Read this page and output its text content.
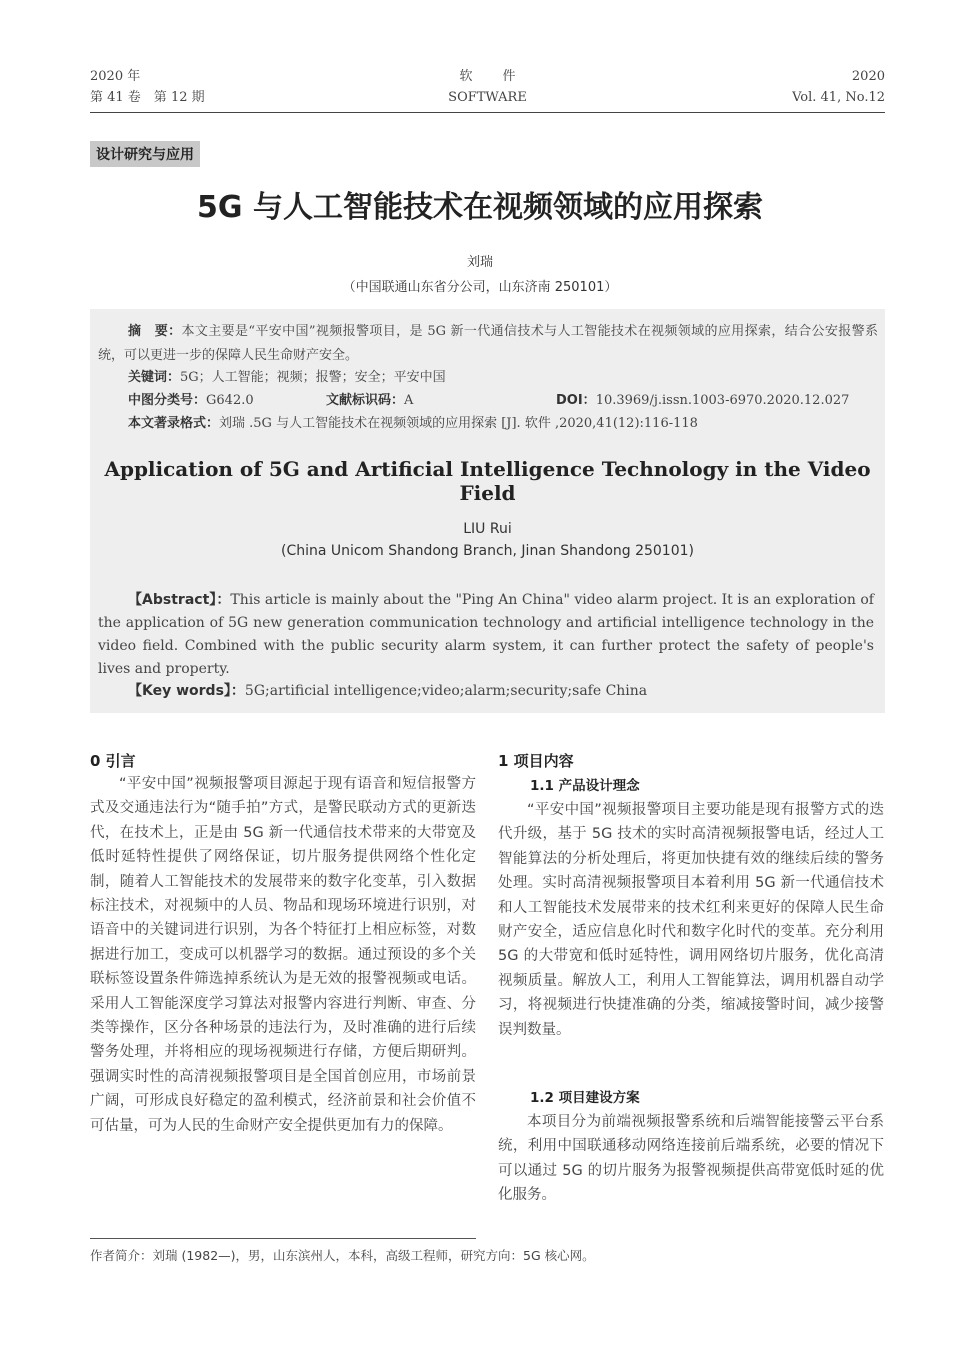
2020 年
第 41 卷　第 12 期
软件
SOFTWARE
2020
Vol. 41, No.12
设计研究与应用
5G 与人工智能技术在视频领域的应用探索
刘瑞
（中国联通山东省分公司，山东济南 250101）
摘　要：本文主要是“平安中国”视频报警项目，是 5G 新一代通信技术与人工智能技术在视频领域的应用探索，结合公安报警系统，可以更进一步的保障人民生命财产安全。
关键词：5G；人工智能；视频；报警；安全；平安中国
中图分类号：G642.0	文献标识码：A	DOI：10.3969/j.issn.1003-6970.2020.12.027
本文著录格式：刘瑞 .5G 与人工智能技术在视频领域的应用探索 [J]. 软件 ,2020,41(12):116-118
Application of 5G and Artificial Intelligence Technology in the Video Field
LIU Rui
(China Unicom Shandong Branch, Jinan Shandong 250101)
【Abstract】：This article is mainly about the "Ping An China" video alarm project. It is an exploration of the application of 5G new generation communication technology and artificial intelligence technology in the video field. Combined with the public security alarm system, it can further protect the safety of people's lives and property.
【Key words】：5G;artificial intelligence;video;alarm;security;safe China
0 引言
“平安中国”视频报警项目源起于现有语音和短信报警方式及交通违法行为“随手拍”方式，是警民联动方式的更新迭代，在技术上，正是由 5G 新一代通信技术带来的大带宽及低时延特性提供了网络保证，切片服务提供网络个性化定制，随着人工智能技术的发展带来的数字化变革，引入数据标注技术，对视频中的人员、物品和现场环境进行识别，对语音中的关键词进行识别，为各个特征打上相应标签，对数据进行加工，变成可以机器学习的数据。通过预设的多个关联标签设置条件筛选掉系统认为是无效的报警视频或电话。采用人工智能深度学习算法对报警内容进行判断、审查、分类等操作，区分各种场景的违法行为，及时准确的进行后续警务处理，并将相应的现场视频进行存储，方便后期研判。强调实时性的高清视频报警项目是全国首创应用，市场前景广阔，可形成良好稳定的盈利模式，经济前景和社会价值不可估量，可为人民的生命财产安全提供更加有力的保障。
1 项目内容
1.1 产品设计理念
“平安中国”视频报警项目主要功能是现有报警方式的迭代升级，基于 5G 技术的实时高清视频报警电话，经过人工智能算法的分析处理后，将更加快捷有效的继续后续的警务处理。实时高清视频报警项目本着利用 5G 新一代通信技术和人工智能技术发展带来的技术红利来更好的保障人民生命财产安全，适应信息化时代和数字化时代的变革。充分利用 5G 的大带宽和低时延特性，调用网络切片服务，优化高清视频质量。解放人工，利用人工智能算法，调用机器自动学习，将视频进行快捷准确的分类，缩减接警时间，减少接警误判数量。
1.2 项目建设方案
本项目分为前端视频报警系统和后端智能接警云平台系统，利用中国联通移动网络连接前后端系统，必要的情况下可以通过 5G 的切片服务为报警视频提供高带宽低时延的优化服务。
作者简介：刘瑞 (1982—)，男，山东滨州人，本科，高级工程师，研究方向：5G 核心网。
